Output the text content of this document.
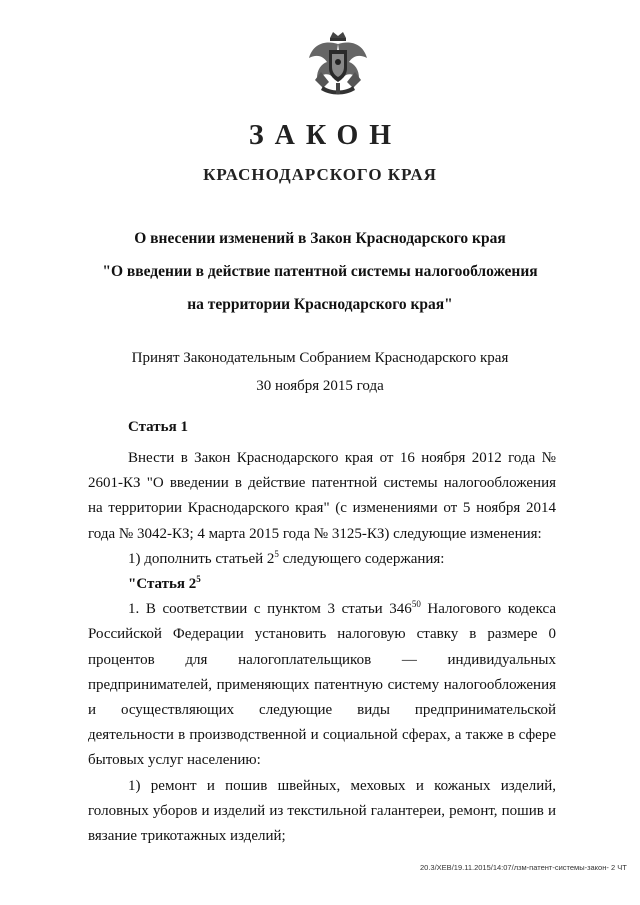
ЗАКОН
КРАСНОДАРСКОГО КРАЯ
О внесении изменений в Закон Краснодарского края
"О введении в действие патентной системы налогообложения
на территории Краснодарского края"
Принят Законодательным Собранием Краснодарского края
30 ноября 2015 года
Статья 1

Внести в Закон Краснодарского края от 16 ноября 2012 года № 2601-КЗ "О введении в действие патентной системы налогообложения на территории Краснодарского края" (с изменениями от 5 ноября 2014 года № 3042-КЗ; 4 марта 2015 года № 3125-КЗ) следующие изменения:

1) дополнить статьей $2^5$ следующего содержания:

"Статья $2^5$

1. В соответствии с пунктом 3 статьи $346^{50}$ Налогового кодекса Российской Федерации установить налоговую ставку в размере 0 процентов для налогоплательщиков — индивидуальных предпринимателей, применяющих патентную систему налогообложения и осуществляющих следующие виды предпринимательской деятельности в производственной и социальной сферах, а также в сфере бытовых услуг населению:

1) ремонт и пошив швейных, меховых и кожаных изделий, головных уборов и изделий из текстильной галантереи, ремонт, пошив и вязание трикотажных изделий;

20.3/ХЕВ/19.11.2015/14:07/лзм-патент-системы-закон- 2 ЧТ
